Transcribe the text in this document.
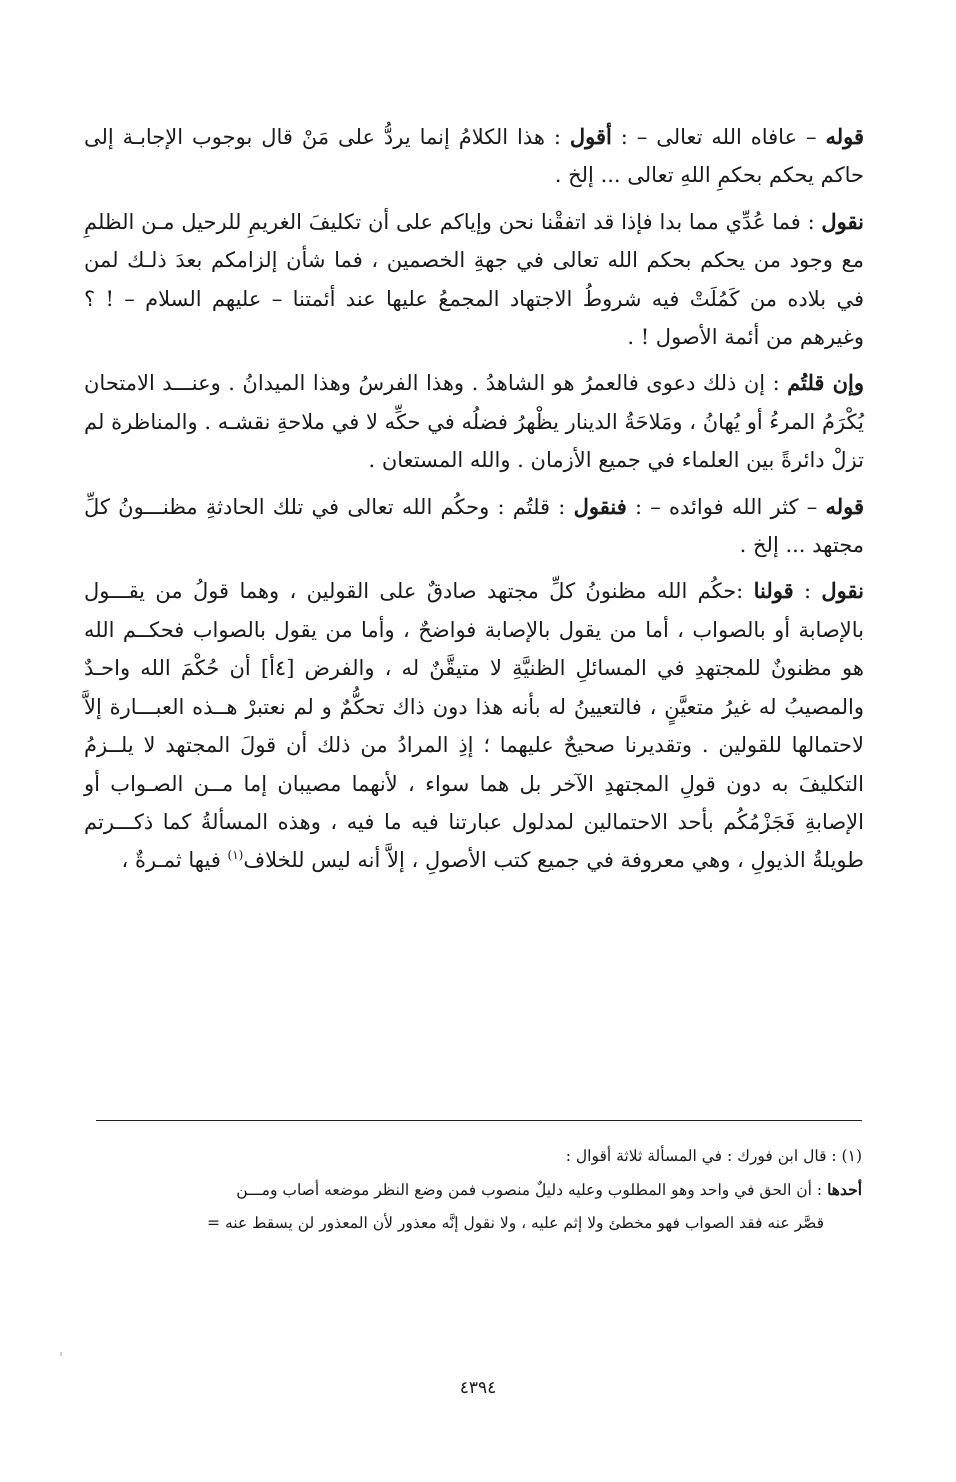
قوله – عافاه الله تعالى – : أقول : هذا الكلامُ إنما يردُّ على مَنْ قال بوجوب الإجابـة إلى حاكم يحكم بحكمِ اللهِ تعالى ... إلخ .

نقول : فما عُدِّي مما بدا فإذا قد اتفقْنا نحن وإياكم على أن تكليفَ الغريمِ للرحيل مـن الظلمِ مع وجود من يحكم بحكم الله تعالى في جهةِ الخصمين ، فما شأن إلزامكم بعدَ ذلـك لمن في بلاده من كَمُلَتْ فيه شروطُ الاجتهاد المجمعُ عليها عند أئمتنا – عليهم السلام – ! ؟ وغيرهم من أئمة الأصول ! .

وإن قلتُم : إن ذلك دعوى فالعمرُ هو الشاهدُ . وهذا الفرسُ وهذا الميدانُ . وعنـــد الامتحان يُكْرَمُ المرءُ أو يُهانُ ، ومَلاحَةُ الدينار يظْهرُ فضلُه في حكِّه لا في ملاحةِ نقشـه . والمناظرة لم تزلْ دائرةً بين العلماء في جميع الأزمان . والله المستعان .

قوله – كثر الله فوائده – : فنقول : قلتُم : وحكُم الله تعالى في تلك الحادثةِ مظنـــونُ كلِّ مجتهد ... إلخ .

نقول : قولنا :حكُم الله مظنونُ كلِّ مجتهد صادقٌ على القولين ، وهما قولُ من يقـــول بالإصابة أو بالصواب ، أما من يقول بالإصابة فواضحٌ ، وأما من يقول بالصواب فحكــم الله هو مظنونٌ للمجتهدِ في المسائلِ الظنيَّةِ لا متيقَّنٌ له ، والفرض [٤أ] أن حُكْمَ الله واحـدٌ والمصيبُ له غيرُ متعيَّنٍ ، فالتعيينُ له بأنه هذا دون ذاك تحكُّمٌ و لم نعتبرْ هــذه العبـــارة إلاَّ لاحتمالها للقولين . وتقديرنا صحيحٌ عليهما ؛ إذِ المرادُ من ذلك أن قولَ المجتهد لا يلــزمُ التكليفَ به دون قولِ المجتهدِ الآخر بل هما سواء ، لأنهما مصيبان إما مــن الصـواب أو الإصابةِ فَجَزْمُكُم بأحد الاحتمالين لمدلول عبارتنا فيه ما فيه ، وهذه المسألةُ كما ذكـــرتم طويلةُ الذيولِ ، وهي معروفة في جميع كتب الأصولِ ، إلاَّ أنه ليس للخلاف$^{(١)}$ فيها ثمـرةٌ ،

(١) : قال ابن فورك : في المسألة ثلاثة أقوال :

أحدها : أن الحق في واحد وهو المطلوب وعليه دليلٌ منصوب فمن وضع النظر موضعه أصاب ومـــن

قصَّر عنه فقد الصواب فهو مخطئ ولا إثم عليه ، ولا نقول إنَّه معذور لأن المعذور لن يسقط عنه =

٤٣٩٤
